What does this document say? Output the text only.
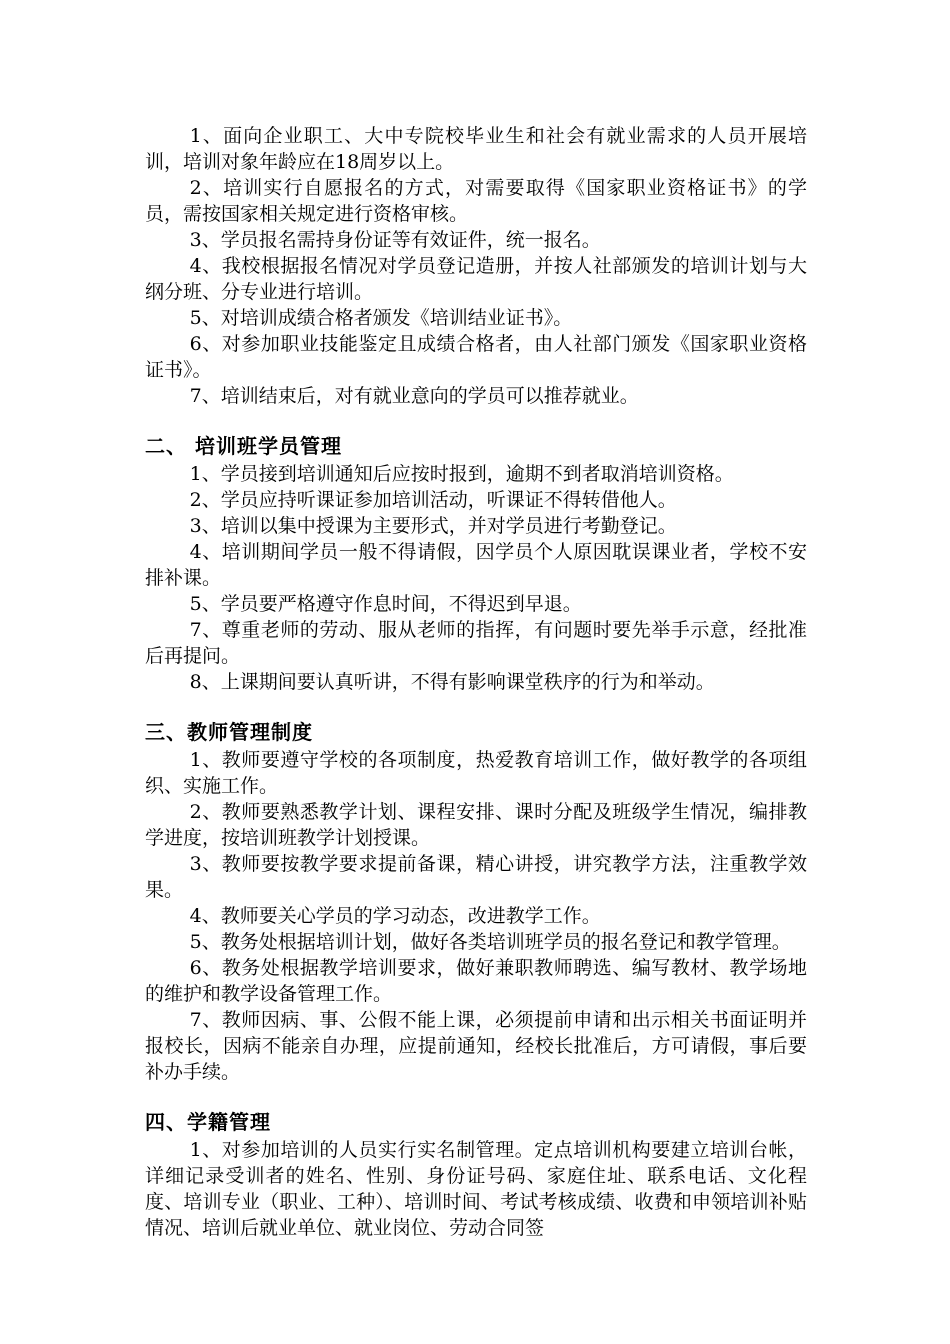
1、面向企业职工、大中专院校毕业生和社会有就业需求的人员开展培训，培训对象年龄应在18周岁以上。

2、培训实行自愿报名的方式，对需要取得《国家职业资格证书》的学员，需按国家相关规定进行资格审核。

3、学员报名需持身份证等有效证件，统一报名。

4、我校根据报名情况对学员登记造册，并按人社部颁发的培训计划与大纲分班、分专业进行培训。

5、对培训成绩合格者颁发《培训结业证书》。

6、对参加职业技能鉴定且成绩合格者，由人社部门颁发《国家职业资格证书》。

7、培训结束后，对有就业意向的学员可以推荐就业。

二、 培训班学员管理

1、学员接到培训通知后应按时报到，逾期不到者取消培训资格。

2、学员应持听课证参加培训活动，听课证不得转借他人。

3、培训以集中授课为主要形式，并对学员进行考勤登记。

4、培训期间学员一般不得请假，因学员个人原因耽误课业者，学校不安排补课。

5、学员要严格遵守作息时间，不得迟到早退。

7、尊重老师的劳动、服从老师的指挥，有问题时要先举手示意，经批准后再提问。

8、上课期间要认真听讲，不得有影响课堂秩序的行为和举动。

三、教师管理制度

1、教师要遵守学校的各项制度，热爱教育培训工作，做好教学的各项组织、实施工作。

2、教师要熟悉教学计划、课程安排、课时分配及班级学生情况，编排教学进度，按培训班教学计划授课。

3、教师要按教学要求提前备课，精心讲授，讲究教学方法，注重教学效果。

4、教师要关心学员的学习动态，改进教学工作。

5、教务处根据培训计划，做好各类培训班学员的报名登记和教学管理。

6、教务处根据教学培训要求，做好兼职教师聘选、编写教材、教学场地的维护和教学设备管理工作。

7、教师因病、事、公假不能上课，必须提前申请和出示相关书面证明并报校长，因病不能亲自办理，应提前通知，经校长批准后，方可请假，事后要补办手续。

四、学籍管理

1、对参加培训的人员实行实名制管理。定点培训机构要建立培训台帐，详细记录受训者的姓名、性别、身份证号码、家庭住址、联系电话、文化程度、培训专业（职业、工种）、培训时间、考试考核成绩、收费和申领培训补贴情况、培训后就业单位、就业岗位、劳动合同签
